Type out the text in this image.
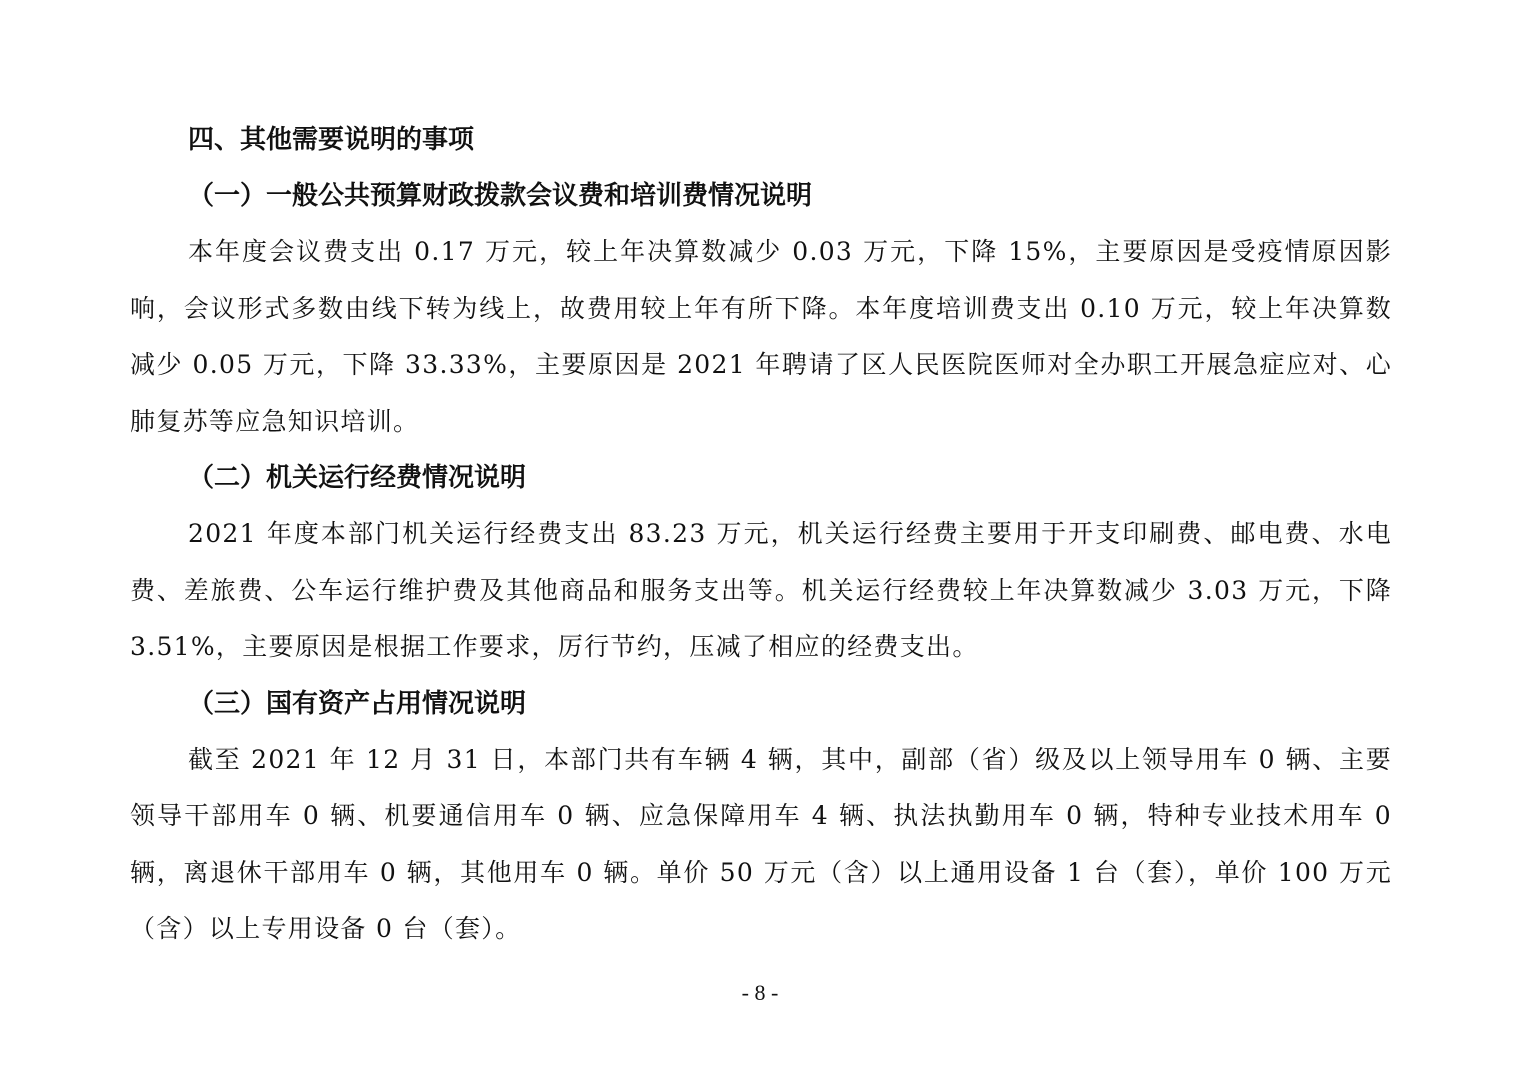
四、其他需要说明的事项
（一）一般公共预算财政拨款会议费和培训费情况说明

本年度会议费支出 0.17 万元，较上年决算数减少 0.03 万元，下降 15%，主要原因是受疫情原因影响，会议形式多数由线下转为线上，故费用较上年有所下降。本年度培训费支出 0.10 万元，较上年决算数减少 0.05 万元，下降 33.33%，主要原因是 2021 年聘请了区人民医院医师对全办职工开展急症应对、心肺复苏等应急知识培训。

（二）机关运行经费情况说明

2021 年度本部门机关运行经费支出 83.23 万元，机关运行经费主要用于开支印刷费、邮电费、水电费、差旅费、公车运行维护费及其他商品和服务支出等。机关运行经费较上年决算数减少 3.03 万元，下降 3.51%，主要原因是根据工作要求，厉行节约，压减了相应的经费支出。

（三）国有资产占用情况说明

截至 2021 年 12 月 31 日，本部门共有车辆 4 辆，其中，副部（省）级及以上领导用车 0 辆、主要领导干部用车 0 辆、机要通信用车 0 辆、应急保障用车 4 辆、执法执勤用车 0 辆，特种专业技术用车 0 辆，离退休干部用车 0 辆，其他用车 0 辆。单价 50 万元（含）以上通用设备 1 台（套），单价 100 万元（含）以上专用设备 0 台（套）。

- 8 -
